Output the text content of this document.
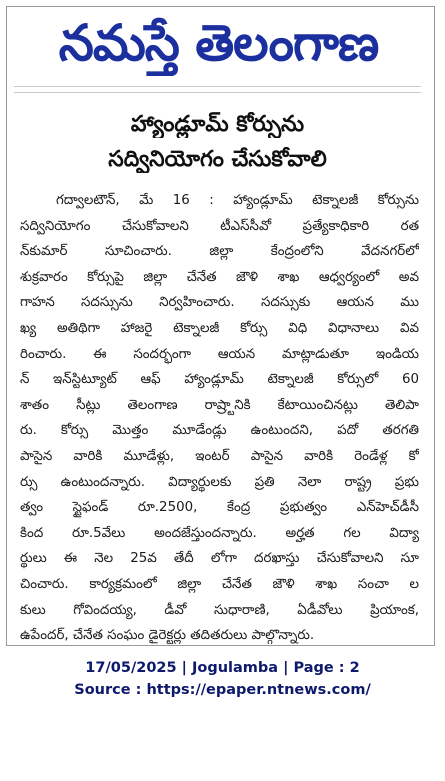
నమస్తే తెలంగాణ
హ్యాండ్లూమ్ కోర్సును
సద్వినియోగం చేసుకోవాలి
గద్వాలటౌన్, మే 16 : హ్యాండ్లూమ్ టెక్నాలజీ కోర్సును
సద్వినియోగం చేసుకోవాలని టీఎస్‌సీవో ప్రత్యేకాధికారి రత
న్‌కుమార్ సూచించారు. జిల్లా కేంద్రంలోని వేదనగర్‌లో
శుక్రవారం కోర్సుపై జిల్లా చేనేత జౌళి శాఖ ఆధ్వర్యంలో అవ
గాహన సదస్సును నిర్వహించారు. సదస్సుకు ఆయన ము
ఖ్య అతిథిగా హాజరై టెక్నాలజీ కోర్సు విధి విధానాలు వివ
రించారు. ఈ సందర్భంగా ఆయన మాట్లాడుతూ ఇండియ
న్ ఇన్‌స్టిట్యూట్ ఆఫ్ హ్యాండ్లూమ్ టెక్నాలజీ కోర్సులో 60
శాతం సీట్లు తెలంగాణ రాష్ర్టానికి కేటాయించినట్లు తెలిపా
రు. కోర్సు మొత్తం మూడేండ్లు ఉంటుందని, పదో తరగతి
పాసైన వారికి మూడేళ్లు, ఇంటర్ పాసైన వారికి రెండేళ్ల కో
ర్సు ఉంటుందన్నారు. విద్యార్థులకు ప్రతి నెలా రాష్ట్ర ప్రభు
త్వం స్టైఫండ్ రూ.2500, కేంద్ర ప్రభుత్వం ఎన్‌హెచ్‌డీసీ
కింద రూ.5వేలు అందజేస్తుందన్నారు. అర్హత గల విద్యా
ర్థులు ఈ నెల 25వ తేదీ లోగా దరఖాస్తు చేసుకోవాలని సూ
చించారు. కార్యక్రమంలో జిల్లా చేనేత జౌళి శాఖ సంచా ల
కులు గోవిందయ్య, డీవో సుధారాణి, ఏడీవోలు ప్రియాంక,
ఉపేందర్, చేనేత సంఘం డైరెక్టర్లు తదితరులు పాల్గొన్నారు.
17/05/2025 | Jogulamba | Page : 2
Source : https://epaper.ntnews.com/
